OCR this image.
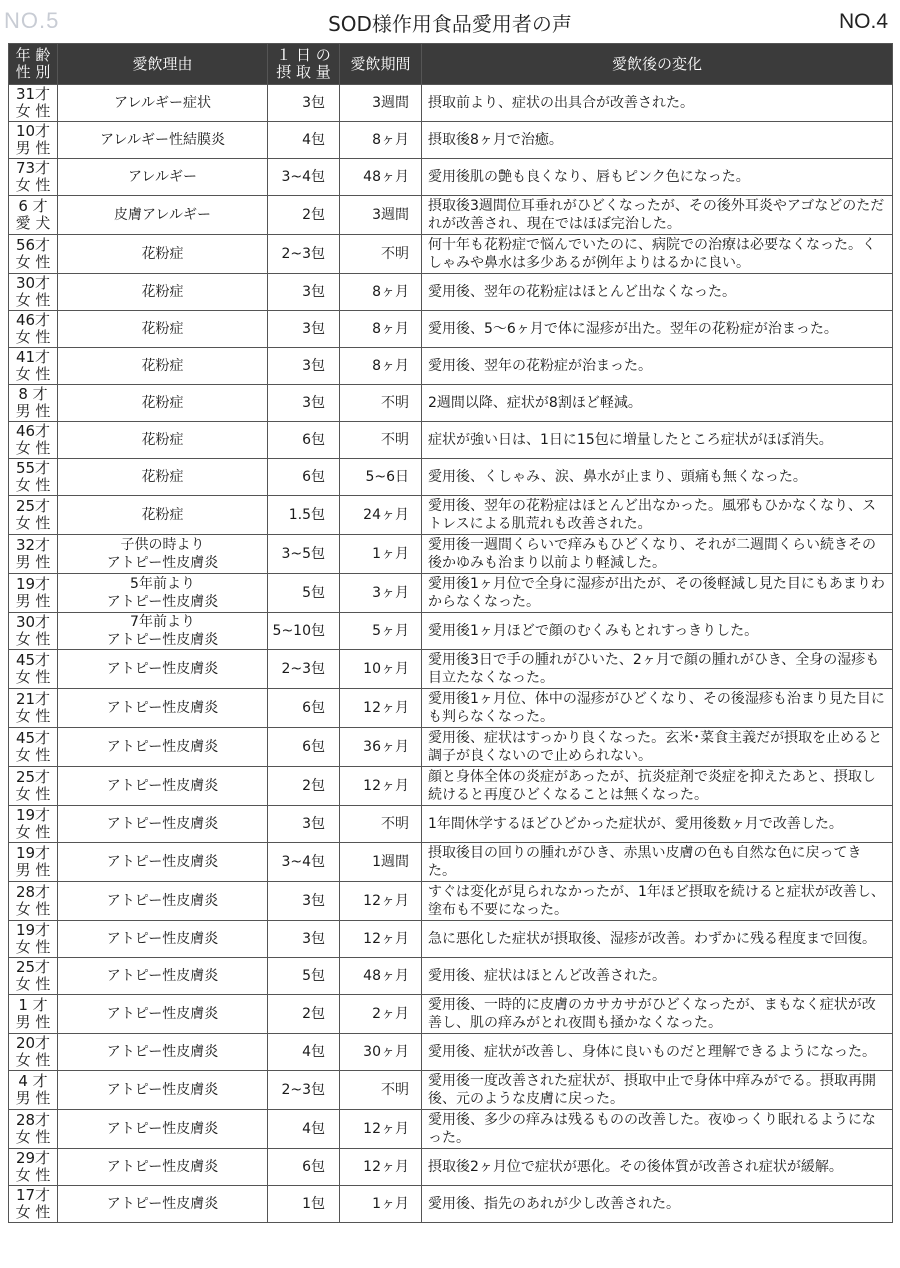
NO.5	SOD様作用食品愛用者の声	NO.4
年 齢
性 別	愛飲理由	１ 日 の
摂 取 量	愛飲期間	愛飲後の変化

31才
女 性	アレルギー症状	3包	3週間	摂取前より、症状の出具合が改善された。

10才
男 性	アレルギー性結膜炎	4包	8ヶ月	摂取後8ヶ月で治癒。

73才
女 性	アレルギー	3~4包	48ヶ月	愛用後肌の艶も良くなり、唇もピンク色になった。

6 才
愛 犬	皮膚アレルギー	2包	3週間	摂取後3週間位耳垂れがひどくなったが、その後外耳炎やアゴなどのただれが改善され、現在ではほぼ完治した。

56才
女 性	花粉症	2~3包	不明	何十年も花粉症で悩んでいたのに、病院での治療は必要なくなった。くしゃみや鼻水は多少あるが例年よりはるかに良い。

30才
女 性	花粉症	3包	8ヶ月	愛用後、翌年の花粉症はほとんど出なくなった。

46才
女 性	花粉症	3包	8ヶ月	愛用後、5～6ヶ月で体に湿疹が出た。翌年の花粉症が治まった。

41才
女 性	花粉症	3包	8ヶ月	愛用後、翌年の花粉症が治まった。

8 才
男 性	花粉症	3包	不明	2週間以降、症状が8割ほど軽減。

46才
女 性	花粉症	6包	不明	症状が強い日は、1日に15包に増量したところ症状がほぼ消失。

55才
女 性	花粉症	6包	5~6日	愛用後、くしゃみ、涙、鼻水が止まり、頭痛も無くなった。

25才
女 性	花粉症	1.5包	24ヶ月	愛用後、翌年の花粉症はほとんど出なかった。風邪もひかなくなり、ストレスによる肌荒れも改善された。

32才
男 性	子供の時より
アトピー性皮膚炎	3~5包	1ヶ月	愛用後一週間くらいで痒みもひどくなり、それが二週間くらい続きその後かゆみも治まり以前より軽減した。

19才
男 性	5年前より
アトピー性皮膚炎	5包	3ヶ月	愛用後1ヶ月位で全身に湿疹が出たが、その後軽減し見た目にもあまりわからなくなった。

30才
女 性	7年前より
アトピー性皮膚炎	5~10包	5ヶ月	愛用後1ヶ月ほどで顔のむくみもとれすっきりした。

45才
女 性	アトピー性皮膚炎	2~3包	10ヶ月	愛用後3日で手の腫れがひいた、2ヶ月で顔の腫れがひき、全身の湿疹も目立たなくなった。

21才
女 性	アトピー性皮膚炎	6包	12ヶ月	愛用後1ヶ月位、体中の湿疹がひどくなり、その後湿疹も治まり見た目にも判らなくなった。

45才
女 性	アトピー性皮膚炎	6包	36ヶ月	愛用後、症状はすっかり良くなった。玄米･菜食主義だが摂取を止めると調子が良くないので止められない。

25才
女 性	アトピー性皮膚炎	2包	12ヶ月	顔と身体全体の炎症があったが、抗炎症剤で炎症を抑えたあと、摂取し続けると再度ひどくなることは無くなった。

19才
女 性	アトピー性皮膚炎	3包	不明	1年間休学するほどひどかった症状が、愛用後数ヶ月で改善した。

19才
男 性	アトピー性皮膚炎	3~4包	1週間	摂取後目の回りの腫れがひき、赤黒い皮膚の色も自然な色に戻ってきた。

28才
女 性	アトピー性皮膚炎	3包	12ヶ月	すぐは変化が見られなかったが、1年ほど摂取を続けると症状が改善し、塗布も不要になった。

19才
女 性	アトピー性皮膚炎	3包	12ヶ月	急に悪化した症状が摂取後、湿疹が改善。わずかに残る程度まで回復。

25才
女 性	アトピー性皮膚炎	5包	48ヶ月	愛用後、症状はほとんど改善された。

1 才
男 性	アトピー性皮膚炎	2包	2ヶ月	愛用後、一時的に皮膚のカサカサがひどくなったが、まもなく症状が改善し、肌の痒みがとれ夜間も掻かなくなった。

20才
女 性	アトピー性皮膚炎	4包	30ヶ月	愛用後、症状が改善し、身体に良いものだと理解できるようになった。

4 才
男 性	アトピー性皮膚炎	2~3包	不明	愛用後一度改善された症状が、摂取中止で身体中痒みがでる。摂取再開後、元のような皮膚に戻った。

28才
女 性	アトピー性皮膚炎	4包	12ヶ月	愛用後、多少の痒みは残るものの改善した。夜ゆっくり眠れるようになった。

29才
女 性	アトピー性皮膚炎	6包	12ヶ月	摂取後2ヶ月位で症状が悪化。その後体質が改善され症状が緩解。

17才
女 性	アトピー性皮膚炎	1包	1ヶ月	愛用後、指先のあれが少し改善された。
